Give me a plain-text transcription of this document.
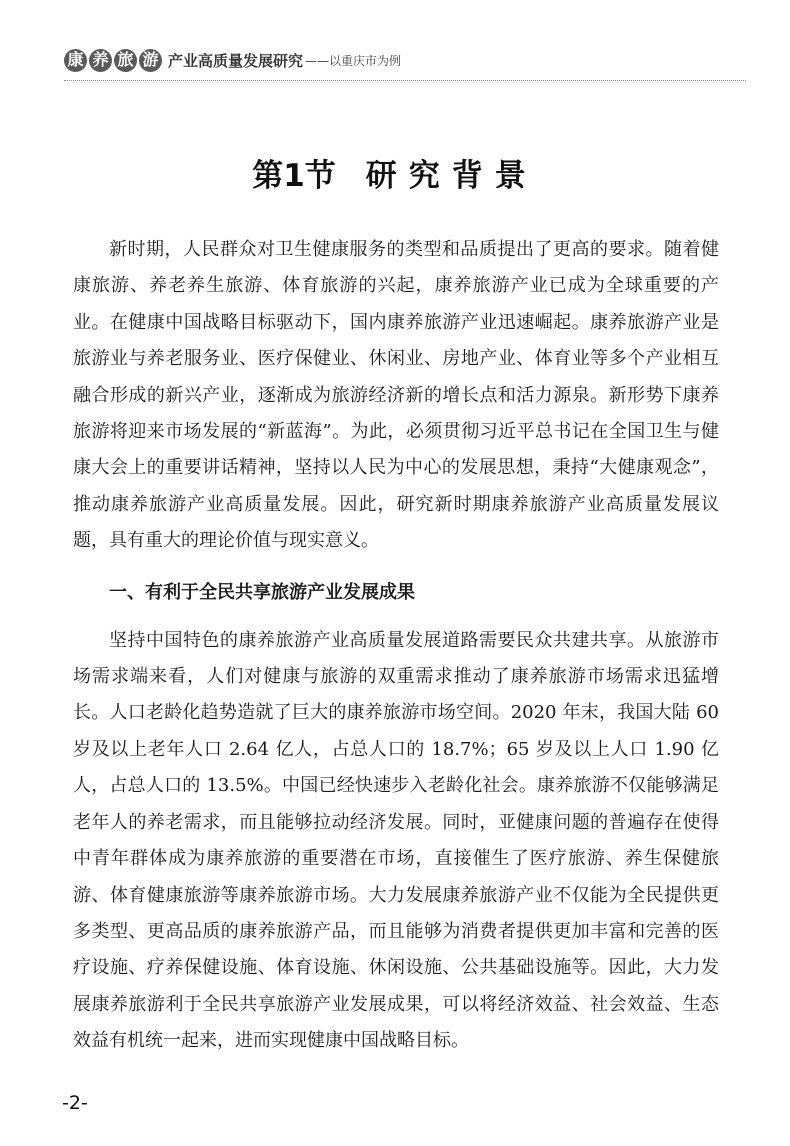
康 养 旅 游 产业高质量发展研究 ——以重庆市为例
第1节 研究背景

新时期，人民群众对卫生健康服务的类型和品质提出了更高的要求。随着健康旅游、养老养生旅游、体育旅游的兴起，康养旅游产业已成为全球重要的产业。在健康中国战略目标驱动下，国内康养旅游产业迅速崛起。康养旅游产业是旅游业与养老服务业、医疗保健业、休闲业、房地产业、体育业等多个产业相互融合形成的新兴产业，逐渐成为旅游经济新的增长点和活力源泉。新形势下康养旅游将迎来市场发展的“新蓝海”。为此，必须贯彻习近平总书记在全国卫生与健康大会上的重要讲话精神，坚持以人民为中心的发展思想，秉持“大健康观念”，推动康养旅游产业高质量发展。因此，研究新时期康养旅游产业高质量发展议题，具有重大的理论价值与现实意义。

一、有利于全民共享旅游产业发展成果

坚持中国特色的康养旅游产业高质量发展道路需要民众共建共享。从旅游市场需求端来看，人们对健康与旅游的双重需求推动了康养旅游市场需求迅猛增长。人口老龄化趋势造就了巨大的康养旅游市场空间。2020 年末，我国大陆 60 岁及以上老年人口 2.64 亿人，占总人口的 18.7%；65 岁及以上人口 1.90 亿人，占总人口的 13.5%。中国已经快速步入老龄化社会。康养旅游不仅能够满足老年人的养老需求，而且能够拉动经济发展。同时，亚健康问题的普遍存在使得中青年群体成为康养旅游的重要潜在市场，直接催生了医疗旅游、养生保健旅游、体育健康旅游等康养旅游市场。大力发展康养旅游产业不仅能为全民提供更多类型、更高品质的康养旅游产品，而且能够为消费者提供更加丰富和完善的医疗设施、疗养保健设施、体育设施、休闲设施、公共基础设施等。因此，大力发展康养旅游利于全民共享旅游产业发展成果，可以将经济效益、社会效益、生态效益有机统一起来，进而实现健康中国战略目标。

-2-
